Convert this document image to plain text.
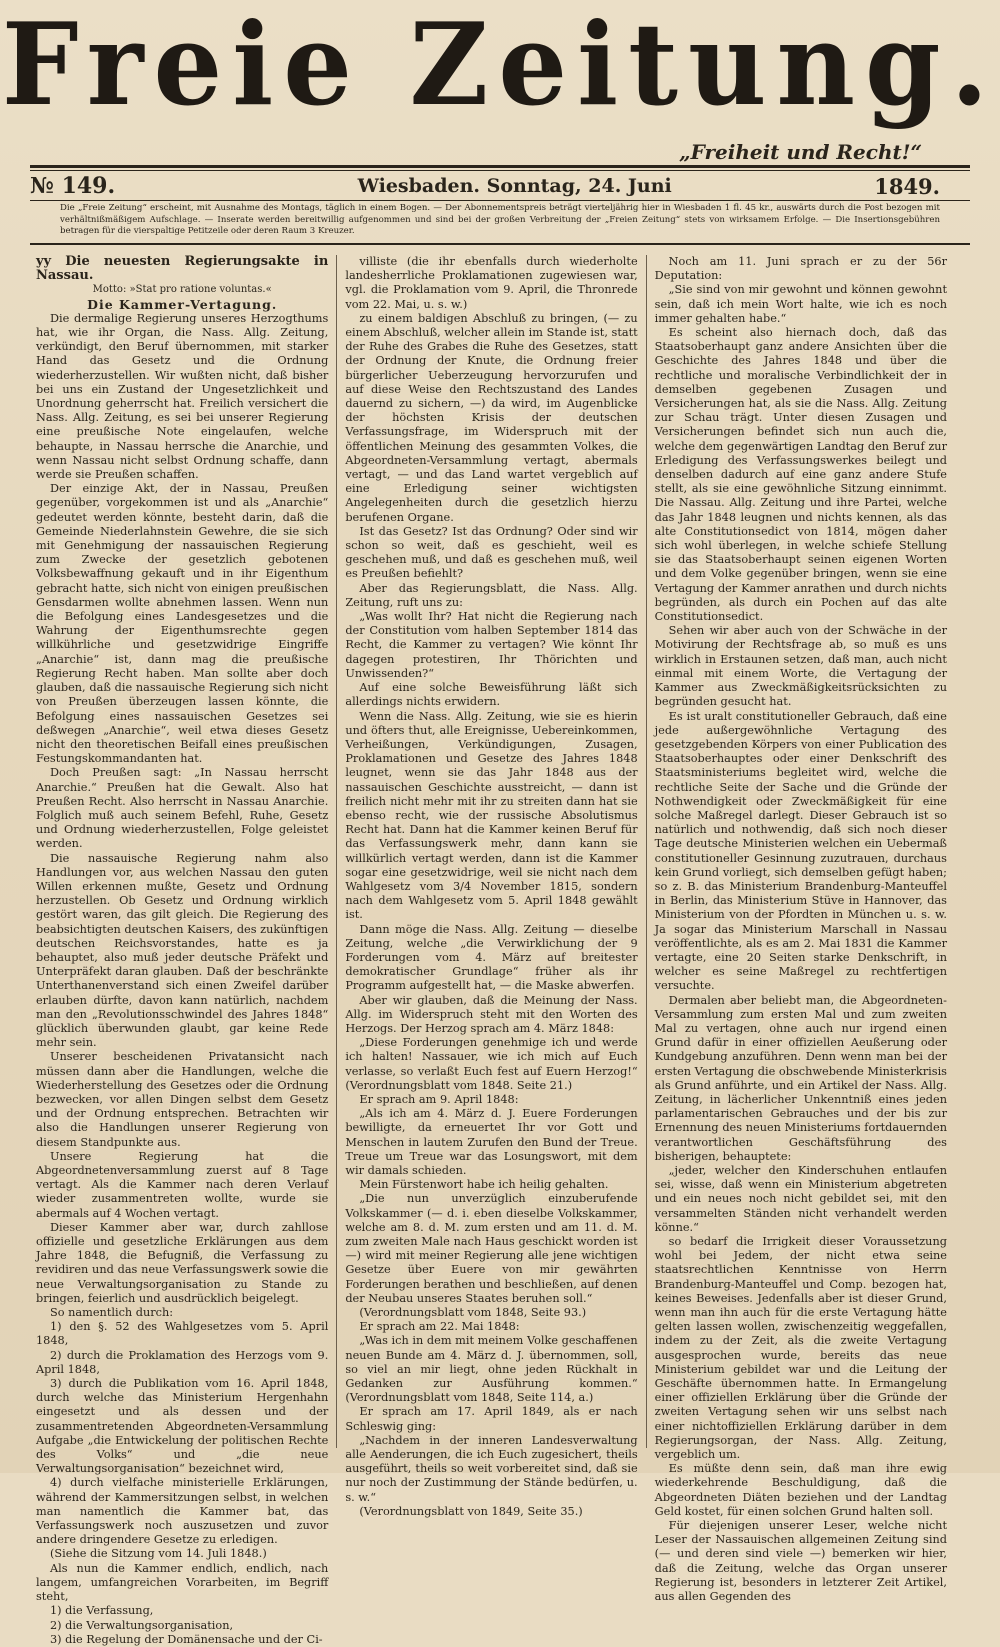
Freie Zeitung.
„Freiheit und Recht!“
№ 149.	Wiesbaden. Sonntag, 24. Juni	1849.
Die „Freie Zeitung“ erscheint, mit Ausnahme des Montags, täglich in einem Bogen. — Der Abonnementspreis beträgt vierteljährig hier in Wiesbaden 1 fl. 45 kr., auswärts durch die Post bezogen mit verhältnißmäßigem Aufschlage. — Inserate werden bereitwillig aufgenommen und sind bei der großen Verbreitung der „Freien Zeitung“ stets von wirksamem Erfolge. — Die Insertionsgebühren betragen für die vierspaltige Petitzeile oder deren Raum 3 Kreuzer.

yy Die neuesten Regierungsakte in Nassau.

Motto: »Stat pro ratione voluntas.«

Die Kammer-Vertagung.

Die dermalige Regierung unseres Herzogthums hat, wie ihr Organ, die Nass. Allg. Zeitung, verkündigt, den Beruf übernommen, mit starker Hand das Gesetz und die Ordnung wiederherzustellen. Wir wußten nicht, daß bisher bei uns ein Zustand der Ungesetzlichkeit und Unordnung geherrscht hat. Freilich versichert die Nass. Allg. Zeitung, es sei bei unserer Regierung eine preußische Note eingelaufen, welche behaupte, in Nassau herrsche die Anarchie, und wenn Nassau nicht selbst Ordnung schaffe, dann werde sie Preußen schaffen.

Der einzige Akt, der in Nassau, Preußen gegenüber, vorgekommen ist und als „Anarchie“ gedeutet werden könnte, besteht darin, daß die Gemeinde Niederlahnstein Gewehre, die sie sich mit Genehmigung der nassauischen Regierung zum Zwecke der gesetzlich gebotenen Volksbewaffnung gekauft und in ihr Eigenthum gebracht hatte, sich nicht von einigen preußischen Gensdarmen wollte abnehmen lassen. Wenn nun die Befolgung eines Landesgesetzes und die Wahrung der Eigenthumsrechte gegen willkührliche und gesetzwidrige Eingriffe „Anarchie“ ist, dann mag die preußische Regierung Recht haben. Man sollte aber doch glauben, daß die nassauische Regierung sich nicht von Preußen überzeugen lassen könnte, die Befolgung eines nassauischen Gesetzes sei deßwegen „Anarchie“, weil etwa dieses Gesetz nicht den theoretischen Beifall eines preußischen Festungskommandanten hat.

Doch Preußen sagt: „In Nassau herrscht Anarchie.“ Preußen hat die Gewalt. Also hat Preußen Recht. Also herrscht in Nassau Anarchie. Folglich muß auch seinem Befehl, Ruhe, Gesetz und Ordnung wiederherzustellen, Folge geleistet werden.

Die nassauische Regierung nahm also Handlungen vor, aus welchen Nassau den guten Willen erkennen mußte, Gesetz und Ordnung herzustellen. Ob Gesetz und Ordnung wirklich gestört waren, das gilt gleich. Die Regierung des beabsichtigten deutschen Kaisers, des zukünftigen deutschen Reichsvorstandes, hatte es ja behauptet, also muß jeder deutsche Präfekt und Unterpräfekt daran glauben. Daß der beschränkte Unterthanenverstand sich einen Zweifel darüber erlauben dürfte, davon kann natürlich, nachdem man den „Revolutionsschwindel des Jahres 1848“ glücklich überwunden glaubt, gar keine Rede mehr sein.

Unserer bescheidenen Privatansicht nach müssen dann aber die Handlungen, welche die Wiederherstellung des Gesetzes oder die Ordnung bezwecken, vor allen Dingen selbst dem Gesetz und der Ordnung entsprechen. Betrachten wir also die Handlungen unserer Regierung von diesem Standpunkte aus.

Unsere Regierung hat die Abgeordnetenversammlung zuerst auf 8 Tage vertagt. Als die Kammer nach deren Verlauf wieder zusammentreten wollte, wurde sie abermals auf 4 Wochen vertagt.

Dieser Kammer aber war, durch zahllose offizielle und gesetzliche Erklärungen aus dem Jahre 1848, die Befugniß, die Verfassung zu revidiren und das neue Verfassungswerk sowie die neue Verwaltungsorganisation zu Stande zu bringen, feierlich und ausdrücklich beigelegt.

So namentlich durch:

1) den §. 52 des Wahlgesetzes vom 5. April 1848,

2) durch die Proklamation des Herzogs vom 9. April 1848,

3) durch die Publikation vom 16. April 1848, durch welche das Ministerium Hergenhahn eingesetzt und als dessen und der zusammentretenden Abgeordneten-Versammlung Aufgabe „die Entwickelung der politischen Rechte des Volks“ und „die neue Verwaltungsorganisation“ bezeichnet wird,

4) durch vielfache ministerielle Erklärungen, während der Kammersitzungen selbst, in welchen man namentlich die Kammer bat, das Verfassungswerk noch auszusetzen und zuvor andere dringendere Gesetze zu erledigen.

(Siehe die Sitzung vom 14. Juli 1848.)

Als nun die Kammer endlich, endlich, nach langem, umfangreichen Vorarbeiten, im Begriff steht,

1) die Verfassung,

2) die Verwaltungsorganisation,

3) die Regelung der Domänensache und der Ci-

villiste (die ihr ebenfalls durch wiederholte landesherrliche Proklamationen zugewiesen war, vgl. die Proklamation vom 9. April, die Thronrede vom 22. Mai, u. s. w.)

zu einem baldigen Abschluß zu bringen, (— zu einem Abschluß, welcher allein im Stande ist, statt der Ruhe des Grabes die Ruhe des Gesetzes, statt der Ordnung der Knute, die Ordnung freier bürgerlicher Ueberzeugung hervorzurufen und auf diese Weise den Rechtszustand des Landes dauernd zu sichern, —) da wird, im Augenblicke der höchsten Krisis der deutschen Verfassungsfrage, im Widerspruch mit der öffentlichen Meinung des gesammten Volkes, die Abgeordneten-Versammlung vertagt, abermals vertagt, — und das Land wartet vergeblich auf eine Erledigung seiner wichtigsten Angelegenheiten durch die gesetzlich hierzu berufenen Organe.

Ist das Gesetz? Ist das Ordnung? Oder sind wir schon so weit, daß es geschieht, weil es geschehen muß, und daß es geschehen muß, weil es Preußen befiehlt?

Aber das Regierungsblatt, die Nass. Allg. Zeitung, ruft uns zu:

„Was wollt Ihr? Hat nicht die Regierung nach der Constitution vom halben September 1814 das Recht, die Kammer zu vertagen? Wie könnt Ihr dagegen protestiren, Ihr Thörichten und Unwissenden?“

Auf eine solche Beweisführung läßt sich allerdings nichts erwidern.

Wenn die Nass. Allg. Zeitung, wie sie es hierin und öfters thut, alle Ereignisse, Uebereinkommen, Verheißungen, Verkündigungen, Zusagen, Proklamationen und Gesetze des Jahres 1848 leugnet, wenn sie das Jahr 1848 aus der nassauischen Geschichte ausstreicht, — dann ist freilich nicht mehr mit ihr zu streiten dann hat sie ebenso recht, wie der russische Absolutismus Recht hat. Dann hat die Kammer keinen Beruf für das Verfassungswerk mehr, dann kann sie willkürlich vertagt werden, dann ist die Kammer sogar eine gesetzwidrige, weil sie nicht nach dem Wahlgesetz vom 3/4 November 1815, sondern nach dem Wahlgesetz vom 5. April 1848 gewählt ist.

Dann möge die Nass. Allg. Zeitung — dieselbe Zeitung, welche „die Verwirklichung der 9 Forderungen vom 4. März auf breitester demokratischer Grundlage“ früher als ihr Programm aufgestellt hat, — die Maske abwerfen.

Aber wir glauben, daß die Meinung der Nass. Allg. im Widerspruch steht mit den Worten des Herzogs. Der Herzog sprach am 4. März 1848:

„Diese Forderungen genehmige ich und werde ich halten! Nassauer, wie ich mich auf Euch verlasse, so verlaßt Euch fest auf Euern Herzog!“ (Verordnungsblatt vom 1848. Seite 21.)

Er sprach am 9. April 1848:

„Als ich am 4. März d. J. Euere Forderungen bewilligte, da erneuertet Ihr vor Gott und Menschen in lautem Zurufen den Bund der Treue. Treue um Treue war das Losungswort, mit dem wir damals schieden.

Mein Fürstenwort habe ich heilig gehalten.

„Die nun unverzüglich einzuberufende Volkskammer (— d. i. eben dieselbe Volkskammer, welche am 8. d. M. zum ersten und am 11. d. M. zum zweiten Male nach Haus geschickt worden ist —) wird mit meiner Regierung alle jene wichtigen Gesetze über Euere von mir gewährten Forderungen berathen und beschließen, auf denen der Neubau unseres Staates beruhen soll.“

(Verordnungsblatt vom 1848, Seite 93.)

Er sprach am 22. Mai 1848:

„Was ich in dem mit meinem Volke geschaffenen neuen Bunde am 4. März d. J. übernommen, soll, so viel an mir liegt, ohne jeden Rückhalt in Gedanken zur Ausführung kommen.“ (Verordnungsblatt vom 1848, Seite 114, a.)

Er sprach am 17. April 1849, als er nach Schleswig ging:

„Nachdem in der inneren Landesverwaltung alle Aenderungen, die ich Euch zugesichert, theils ausgeführt, theils so weit vorbereitet sind, daß sie nur noch der Zustimmung der Stände bedürfen, u. s. w.“

(Verordnungsblatt von 1849, Seite 35.)

Noch am 11. Juni sprach er zu der 56r Deputation:

„Sie sind von mir gewohnt und können gewohnt sein, daß ich mein Wort halte, wie ich es noch immer gehalten habe.“

Es scheint also hiernach doch, daß das Staatsoberhaupt ganz andere Ansichten über die Geschichte des Jahres 1848 und über die rechtliche und moralische Verbindlichkeit der in demselben gegebenen Zusagen und Versicherungen hat, als sie die Nass. Allg. Zeitung zur Schau trägt. Unter diesen Zusagen und Versicherungen befindet sich nun auch die, welche dem gegenwärtigen Landtag den Beruf zur Erledigung des Verfassungswerkes beilegt und denselben dadurch auf eine ganz andere Stufe stellt, als sie eine gewöhnliche Sitzung einnimmt. Die Nassau. Allg. Zeitung und ihre Partei, welche das Jahr 1848 leugnen und nichts kennen, als das alte Constitutionsedict von 1814, mögen daher sich wohl überlegen, in welche schiefe Stellung sie das Staatsoberhaupt seinen eigenen Worten und dem Volke gegenüber bringen, wenn sie eine Vertagung der Kammer anrathen und durch nichts begründen, als durch ein Pochen auf das alte Constitutionsedict.

Sehen wir aber auch von der Schwäche in der Motivirung der Rechtsfrage ab, so muß es uns wirklich in Erstaunen setzen, daß man, auch nicht einmal mit einem Worte, die Vertagung der Kammer aus Zweckmäßigkeitsrücksichten zu begründen gesucht hat.

Es ist uralt constitutioneller Gebrauch, daß eine jede außergewöhnliche Vertagung des gesetzgebenden Körpers von einer Publication des Staatsoberhauptes oder einer Denkschrift des Staatsministeriums begleitet wird, welche die rechtliche Seite der Sache und die Gründe der Nothwendigkeit oder Zweckmäßigkeit für eine solche Maßregel darlegt. Dieser Gebrauch ist so natürlich und nothwendig, daß sich noch dieser Tage deutsche Ministerien welchen ein Uebermaß constitutioneller Gesinnung zuzutrauen, durchaus kein Grund vorliegt, sich demselben gefügt haben; so z. B. das Ministerium Brandenburg-Manteuffel in Berlin, das Ministerium Stüve in Hannover, das Ministerium von der Pfordten in München u. s. w. Ja sogar das Ministerium Marschall in Nassau veröffentlichte, als es am 2. Mai 1831 die Kammer vertagte, eine 20 Seiten starke Denkschrift, in welcher es seine Maßregel zu rechtfertigen versuchte.

Dermalen aber beliebt man, die Abgeordneten-Versammlung zum ersten Mal und zum zweiten Mal zu vertagen, ohne auch nur irgend einen Grund dafür in einer offiziellen Aeußerung oder Kundgebung anzuführen. Denn wenn man bei der ersten Vertagung die obschwebende Ministerkrisis als Grund anführte, und ein Artikel der Nass. Allg. Zeitung, in lächerlicher Unkenntniß eines jeden parlamentarischen Gebrauches und der bis zur Ernennung des neuen Ministeriums fortdauernden verantwortlichen Geschäftsführung des bisherigen, behauptete:

„jeder, welcher den Kinderschuhen entlaufen sei, wisse, daß wenn ein Ministerium abgetreten und ein neues noch nicht gebildet sei, mit den versammelten Ständen nicht verhandelt werden könne.“

so bedarf die Irrigkeit dieser Voraussetzung wohl bei Jedem, der nicht etwa seine staatsrechtlichen Kenntnisse von Herrn Brandenburg-Manteuffel und Comp. bezogen hat, keines Beweises. Jedenfalls aber ist dieser Grund, wenn man ihn auch für die erste Vertagung hätte gelten lassen wollen, zwischenzeitig weggefallen, indem zu der Zeit, als die zweite Vertagung ausgesprochen wurde, bereits das neue Ministerium gebildet war und die Leitung der Geschäfte übernommen hatte. In Ermangelung einer offiziellen Erklärung über die Gründe der zweiten Vertagung sehen wir uns selbst nach einer nichtoffiziellen Erklärung darüber in dem Regierungsorgan, der Nass. Allg. Zeitung, vergeblich um.

Es müßte denn sein, daß man ihre ewig wiederkehrende Beschuldigung, daß die Abgeordneten Diäten beziehen und der Landtag Geld kostet, für einen solchen Grund halten soll.

Für diejenigen unserer Leser, welche nicht Leser der Nassauischen allgemeinen Zeitung sind (— und deren sind viele —) bemerken wir hier, daß die Zeitung, welche das Organ unserer Regierung ist, besonders in letzterer Zeit Artikel, aus allen Gegenden des
